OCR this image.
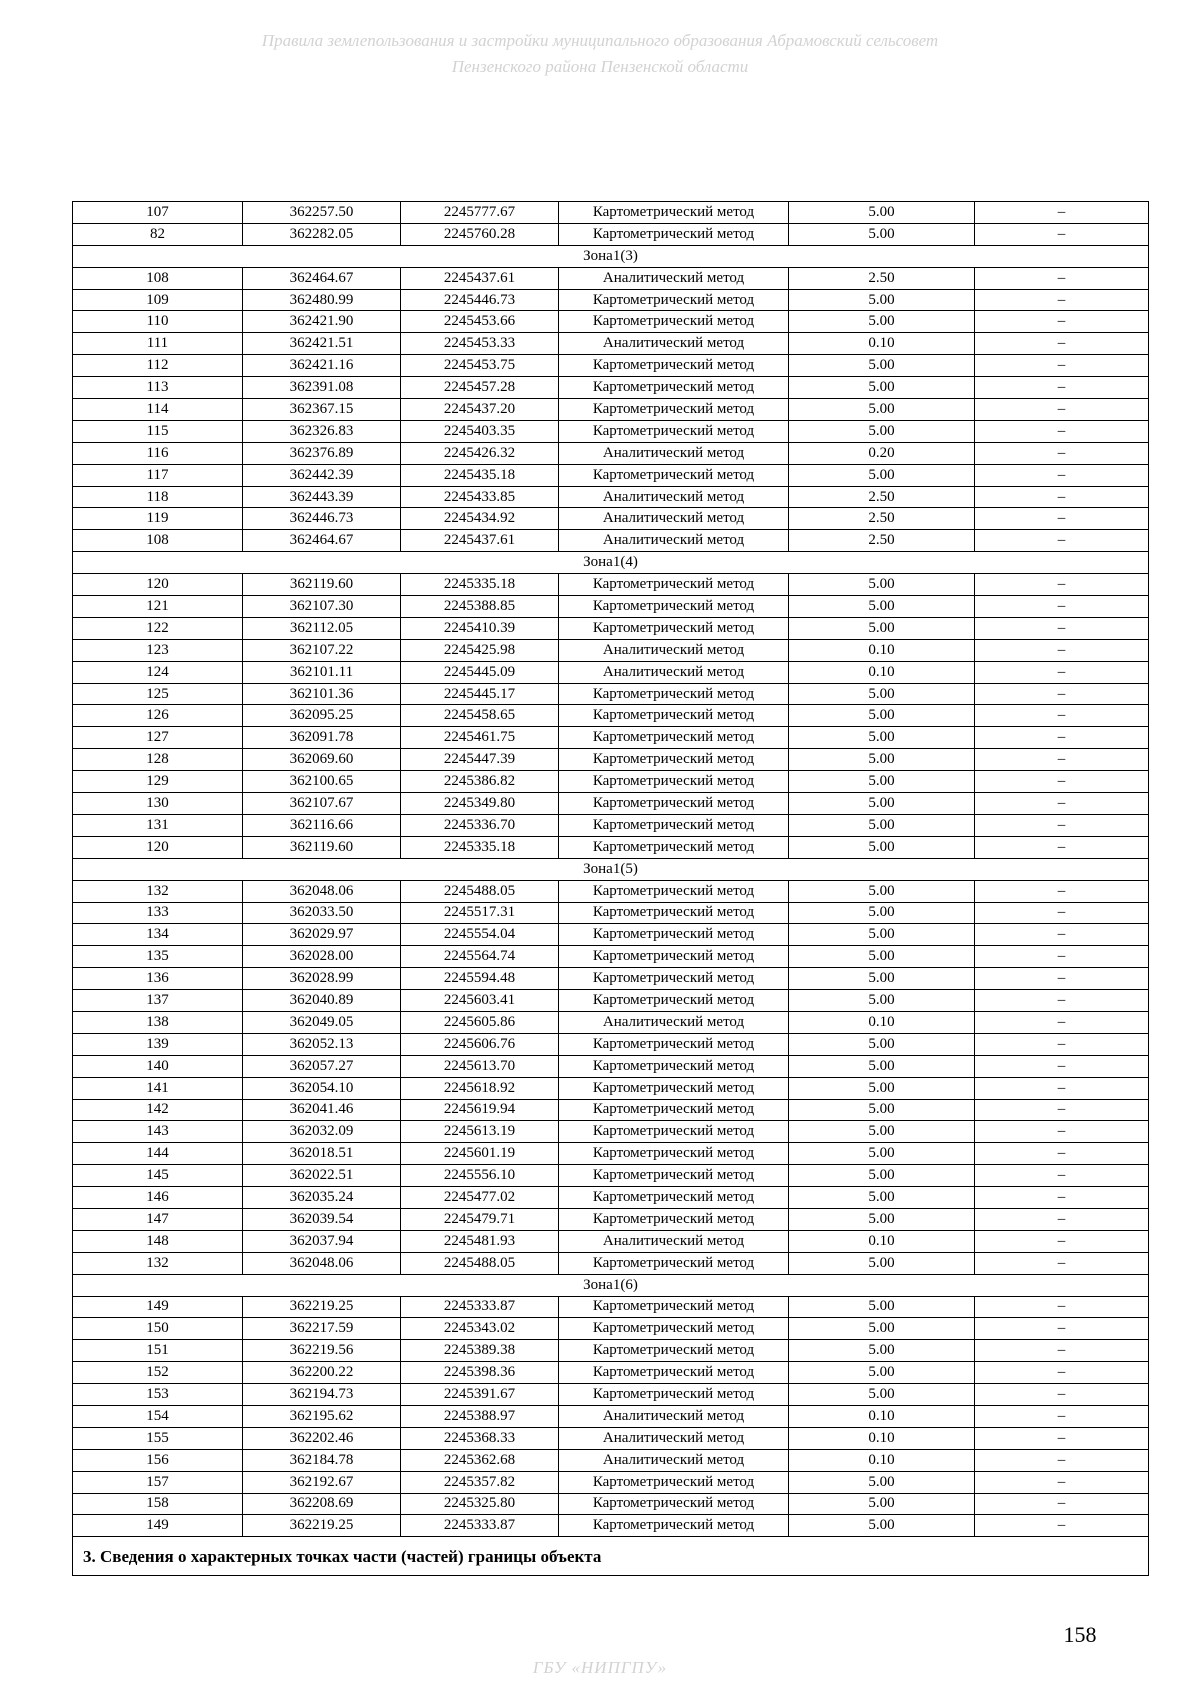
Правила землепользования и застройки муниципального образования Абрамовский сельсовет
Пензенского района Пензенской области
107	362257.50	2245777.67	Картометрический метод	5.00	–
82	362282.05	2245760.28	Картометрический метод	5.00	–
Зона1(3)					
108	362464.67	2245437.61	Аналитический метод	2.50	–
109	362480.99	2245446.73	Картометрический метод	5.00	–
110	362421.90	2245453.66	Картометрический метод	5.00	–
111	362421.51	2245453.33	Аналитический метод	0.10	–
112	362421.16	2245453.75	Картометрический метод	5.00	–
113	362391.08	2245457.28	Картометрический метод	5.00	–
114	362367.15	2245437.20	Картометрический метод	5.00	–
115	362326.83	2245403.35	Картометрический метод	5.00	–
116	362376.89	2245426.32	Аналитический метод	0.20	–
117	362442.39	2245435.18	Картометрический метод	5.00	–
118	362443.39	2245433.85	Аналитический метод	2.50	–
119	362446.73	2245434.92	Аналитический метод	2.50	–
108	362464.67	2245437.61	Аналитический метод	2.50	–
Зона1(4)					
120	362119.60	2245335.18	Картометрический метод	5.00	–
121	362107.30	2245388.85	Картометрический метод	5.00	–
122	362112.05	2245410.39	Картометрический метод	5.00	–
123	362107.22	2245425.98	Аналитический метод	0.10	–
124	362101.11	2245445.09	Аналитический метод	0.10	–
125	362101.36	2245445.17	Картометрический метод	5.00	–
126	362095.25	2245458.65	Картометрический метод	5.00	–
127	362091.78	2245461.75	Картометрический метод	5.00	–
128	362069.60	2245447.39	Картометрический метод	5.00	–
129	362100.65	2245386.82	Картометрический метод	5.00	–
130	362107.67	2245349.80	Картометрический метод	5.00	–
131	362116.66	2245336.70	Картометрический метод	5.00	–
120	362119.60	2245335.18	Картометрический метод	5.00	–
Зона1(5)					
132	362048.06	2245488.05	Картометрический метод	5.00	–
133	362033.50	2245517.31	Картометрический метод	5.00	–
134	362029.97	2245554.04	Картометрический метод	5.00	–
135	362028.00	2245564.74	Картометрический метод	5.00	–
136	362028.99	2245594.48	Картометрический метод	5.00	–
137	362040.89	2245603.41	Картометрический метод	5.00	–
138	362049.05	2245605.86	Аналитический метод	0.10	–
139	362052.13	2245606.76	Картометрический метод	5.00	–
140	362057.27	2245613.70	Картометрический метод	5.00	–
141	362054.10	2245618.92	Картометрический метод	5.00	–
142	362041.46	2245619.94	Картометрический метод	5.00	–
143	362032.09	2245613.19	Картометрический метод	5.00	–
144	362018.51	2245601.19	Картометрический метод	5.00	–
145	362022.51	2245556.10	Картометрический метод	5.00	–
146	362035.24	2245477.02	Картометрический метод	5.00	–
147	362039.54	2245479.71	Картометрический метод	5.00	–
148	362037.94	2245481.93	Аналитический метод	0.10	–
132	362048.06	2245488.05	Картометрический метод	5.00	–
Зона1(6)					
149	362219.25	2245333.87	Картометрический метод	5.00	–
150	362217.59	2245343.02	Картометрический метод	5.00	–
151	362219.56	2245389.38	Картометрический метод	5.00	–
152	362200.22	2245398.36	Картометрический метод	5.00	–
153	362194.73	2245391.67	Картометрический метод	5.00	–
154	362195.62	2245388.97	Аналитический метод	0.10	–
155	362202.46	2245368.33	Аналитический метод	0.10	–
156	362184.78	2245362.68	Аналитический метод	0.10	–
157	362192.67	2245357.82	Картометрический метод	5.00	–
158	362208.69	2245325.80	Картометрический метод	5.00	–
149	362219.25	2245333.87	Картометрический метод	5.00	–
3. Сведения о характерных точках части (частей) границы объекта					
158
ГБУ «НИПГПУ»
